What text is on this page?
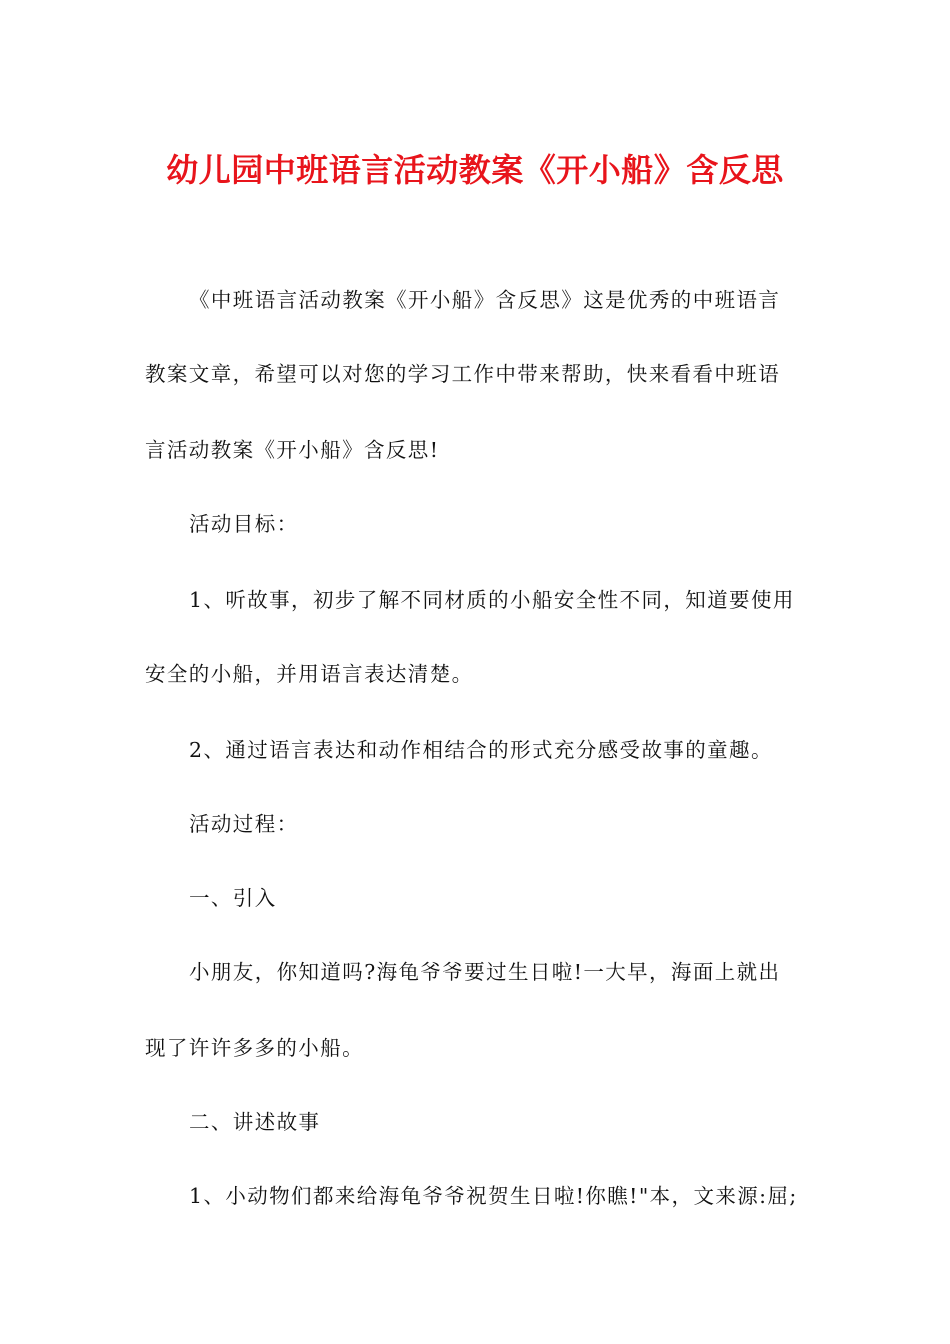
幼儿园中班语言活动教案《开小船》含反思
《中班语言活动教案《开小船》含反思》这是优秀的中班语言
教案文章，希望可以对您的学习工作中带来帮助，快来看看中班语
言活动教案《开小船》含反思!
活动目标：
1、听故事，初步了解不同材质的小船安全性不同，知道要使用
安全的小船，并用语言表达清楚。
2、通过语言表达和动作相结合的形式充分感受故事的童趣。
活动过程：
一、引入
小朋友，你知道吗?海龟爷爷要过生日啦!一大早，海面上就出
现了许许多多的小船。
二、讲述故事
1、小动物们都来给海龟爷爷祝贺生日啦!你瞧!"本，文来源:屈;
